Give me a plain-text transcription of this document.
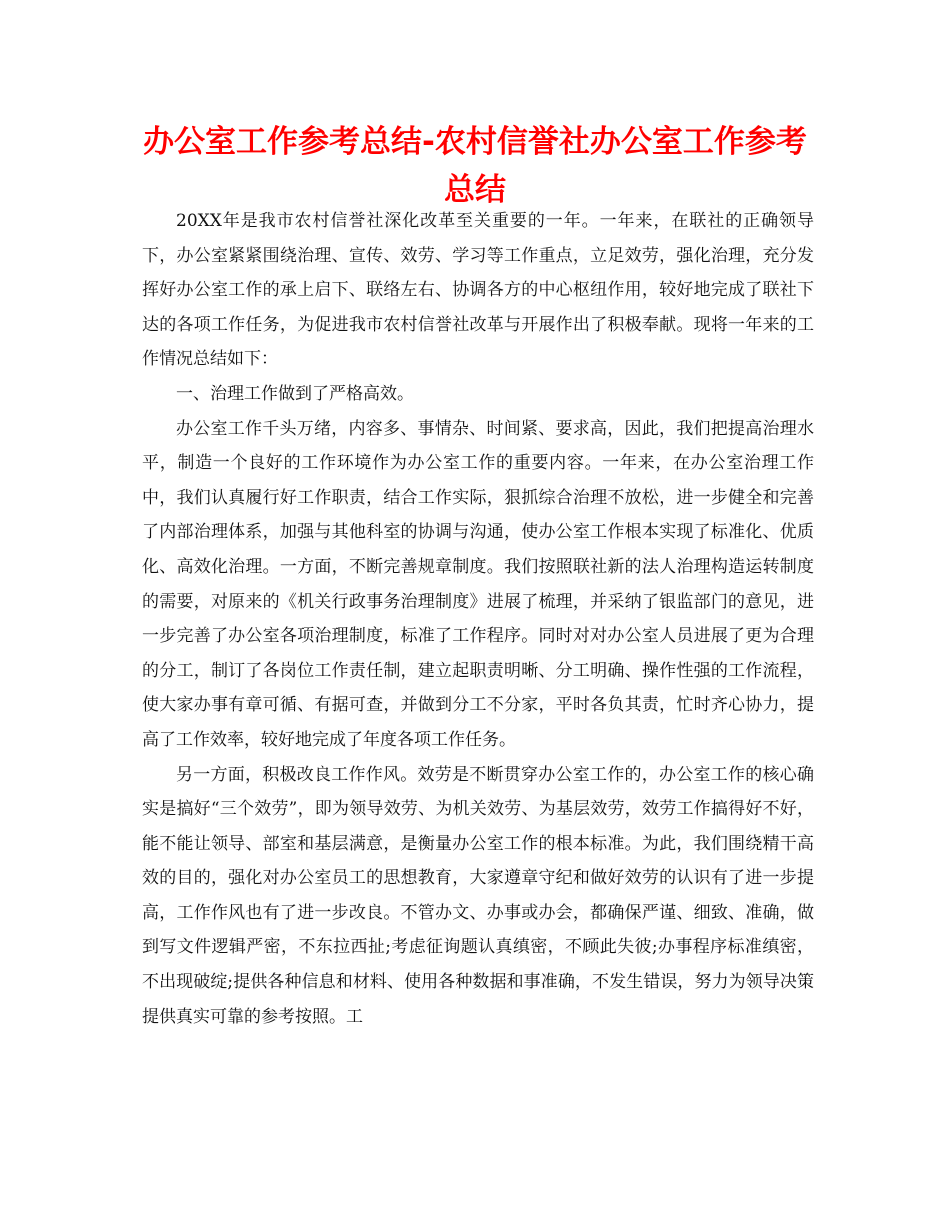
办公室工作参考总结-农村信誉社办公室工作参考总结

20XX年是我市农村信誉社深化改革至关重要的一年。一年来，在联社的正确领导下，办公室紧紧围绕治理、宣传、效劳、学习等工作重点，立足效劳，强化治理，充分发挥好办公室工作的承上启下、联络左右、协调各方的中心枢纽作用，较好地完成了联社下达的各项工作任务，为促进我市农村信誉社改革与开展作出了积极奉献。现将一年来的工作情况总结如下：

一、治理工作做到了严格高效。

办公室工作千头万绪，内容多、事情杂、时间紧、要求高，因此，我们把提高治理水平，制造一个良好的工作环境作为办公室工作的重要内容。一年来，在办公室治理工作中，我们认真履行好工作职责，结合工作实际，狠抓综合治理不放松，进一步健全和完善了内部治理体系，加强与其他科室的协调与沟通，使办公室工作根本实现了标准化、优质化、高效化治理。一方面，不断完善规章制度。我们按照联社新的法人治理构造运转制度的需要，对原来的《机关行政事务治理制度》进展了梳理，并采纳了银监部门的意见，进一步完善了办公室各项治理制度，标准了工作程序。同时对对办公室人员进展了更为合理的分工，制订了各岗位工作责任制，建立起职责明晰、分工明确、操作性强的工作流程，使大家办事有章可循、有据可查，并做到分工不分家，平时各负其责，忙时齐心协力，提高了工作效率，较好地完成了年度各项工作任务。

另一方面，积极改良工作作风。效劳是不断贯穿办公室工作的，办公室工作的核心确实是搞好“三个效劳”，即为领导效劳、为机关效劳、为基层效劳，效劳工作搞得好不好，能不能让领导、部室和基层满意，是衡量办公室工作的根本标准。为此，我们围绕精干高效的目的，强化对办公室员工的思想教育，大家遵章守纪和做好效劳的认识有了进一步提高，工作作风也有了进一步改良。不管办文、办事或办会，都确保严谨、细致、准确，做到写文件逻辑严密，不东拉西扯;考虑征询题认真缜密，不顾此失彼;办事程序标准缜密，不出现破绽;提供各种信息和材料、使用各种数据和事准确，不发生错误，努力为领导决策提供真实可靠的参考按照。工
